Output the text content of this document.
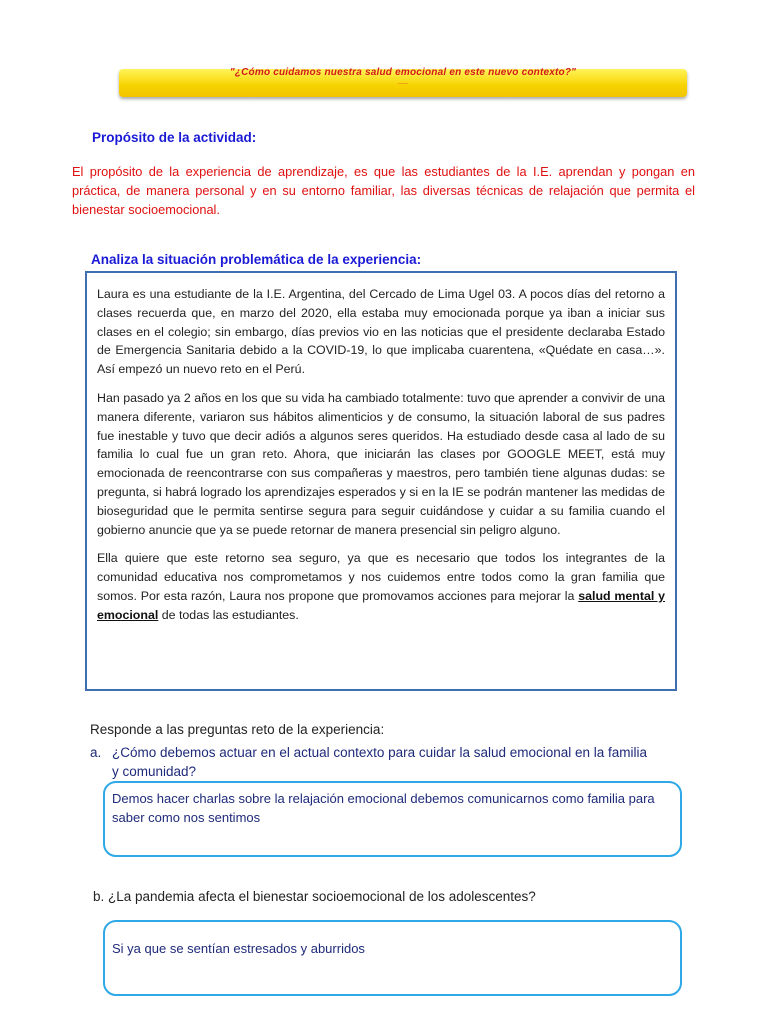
"¿Cómo cuidamos nuestra salud emocional en este nuevo contexto?"
___
Propósito de la actividad:

El propósito de la experiencia de aprendizaje, es que las estudiantes de la I.E. aprendan y pongan en práctica, de manera personal y en su entorno familiar, las diversas técnicas de relajación que permita el bienestar socioemocional.

Analiza la situación problemática de la experiencia:

Laura es una estudiante de la I.E. Argentina, del Cercado de Lima Ugel 03. A pocos días del retorno a clases recuerda que, en marzo del 2020, ella estaba muy emocionada porque ya iban a iniciar sus clases en el colegio; sin embargo, días previos vio en las noticias que el presidente declaraba Estado de Emergencia Sanitaria debido a la COVID-19, lo que implicaba cuarentena, «Quédate en casa…». Así empezó un nuevo reto en el Perú.

Han pasado ya 2 años en los que su vida ha cambiado totalmente: tuvo que aprender a convivir de una manera diferente, variaron sus hábitos alimenticios y de consumo, la situación laboral de sus padres fue inestable y tuvo que decir adiós a algunos seres queridos. Ha estudiado desde casa al lado de su familia lo cual fue un gran reto. Ahora, que iniciarán las clases por GOOGLE MEET, está muy emocionada de reencontrarse con sus compañeras y maestros, pero también tiene algunas dudas: se pregunta, si habrá logrado los aprendizajes esperados y si en la IE se podrán mantener las medidas de bioseguridad que le permita sentirse segura para seguir cuidándose y cuidar a su familia cuando el gobierno anuncie que ya se puede retornar de manera presencial sin peligro alguno.

Ella quiere que este retorno sea seguro, ya que es necesario que todos los integrantes de la comunidad educativa nos comprometamos y nos cuidemos entre todos como la gran familia que somos. Por esta razón, Laura nos propone que promovamos acciones para mejorar la salud mental y emocional de todas las estudiantes.

Responde a las preguntas reto de la experiencia:

a. ¿Cómo debemos actuar en el actual contexto para cuidar la salud emocional en la familia

y comunidad?

Demos hacer charlas sobre la relajación emocional debemos comunicarnos como familia para saber como nos sentimos

b. ¿La pandemia afecta el bienestar socioemocional de los adolescentes?

Si ya que se sentían estresados y aburridos
